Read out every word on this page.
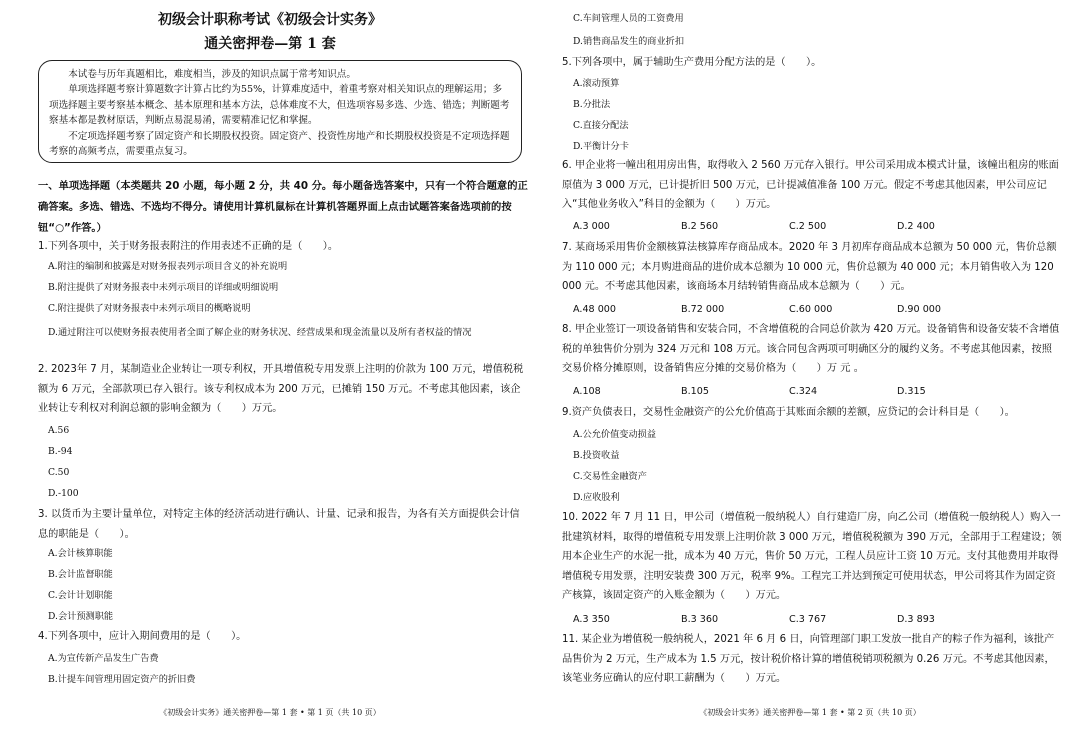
初级会计职称考试《初级会计实务》
通关密押卷—第 1 套

本试卷与历年真题相比，难度相当，涉及的知识点属于常考知识点。

单项选择题考察计算题数字计算占比约为55%，计算难度适中，着重考察对相关知识点的理解运用；多项选择题主要考察基本概念、基本原理和基本方法，总体难度不大，但选项容易多选、少选、错选；判断题考察基本都是教材原话，判断点易混易淆，需要精准记忆和掌握。

不定项选择题考察了固定资产和长期股权投资。固定资产、投资性房地产和长期股权投资是不定项选择题考察的高频考点，需要重点复习。

一、单项选择题（本类题共 20 小题，每小题 2 分，共 40 分。每小题备选答案中，只有一个符合题意的正确答案。多选、错选、不选均不得分。请使用计算机鼠标在计算机答题界面上点击试题答案备选项前的按钮“○”作答。）
1.下列各项中，关于财务报表附注的作用表述不正确的是（　　）。
A.附注的编制和披露是对财务报表列示项目含义的补充说明
B.附注提供了对财务报表中未列示项目的详细或明细说明
C.附注提供了对财务报表中未列示项目的概略说明
D.通过附注可以使财务报表使用者全面了解企业的财务状况、经营成果和现金流量以及所有者权益的情况
2. 2023年 7 月，某制造业企业转让一项专利权，开具增值税专用发票上注明的价款为 100 万元，增值税税额为 6 万元，全部款项已存入银行。该专利权成本为 200 万元，已摊销 150 万元。不考虑其他因素，该企业转让专利权对利润总额的影响金额为（　　）万元。
A.56
B.-94
C.50
D.-100
3. 以货币为主要计量单位，对特定主体的经济活动进行确认、计量、记录和报告，为各有关方面提供会计信息的职能是（　　）。
A.会计核算职能
B.会计监督职能
C.会计计划职能
D.会计预测职能
4.下列各项中，应计入期间费用的是（　　）。
A.为宣传新产品发生广告费
B.计提车间管理用固定资产的折旧费
《初级会计实务》通关密押卷—第 1 套 • 第 1 页（共 10 页）
C.车间管理人员的工资费用
D.销售商品发生的商业折扣
5.下列各项中，属于辅助生产费用分配方法的是（　　）。
A.滚动预算
B.分批法
C.直接分配法
D.平衡计分卡
6. 甲企业将一幢出租用房出售，取得收入 2 560 万元存入银行。甲公司采用成本模式计量，该幢出租房的账面原值为 3 000 万元，已计提折旧 500 万元，已计提减值准备 100 万元。假定不考虑其他因素，甲公司应记入“其他业务收入”科目的金额为（　　）万元。
A.3 000	B.2 560	C.2 500	D.2 400
7. 某商场采用售价金额核算法核算库存商品成本。2020 年 3 月初库存商品成本总额为 50 000 元，售价总额为 110 000 元；本月购进商品的进价成本总额为 10 000 元，售价总额为 40 000 元；本月销售收入为 120 000 元。不考虑其他因素，该商场本月结转销售商品成本总额为（　　）元。
A.48 000	B.72 000	C.60 000	D.90 000
8. 甲企业签订一项设备销售和安装合同，不含增值税的合同总价款为 420 万元。设备销售和设备安装不含增值税的单独售价分别为 324 万元和 108 万元。该合同包含两项可明确区分的履约义务。不考虑其他因素，按照交易价格分摊原则，设备销售应分摊的交易价格为（　　）万 元 。
A.108	B.105	C.324	D.315
9.资产负债表日，交易性金融资产的公允价值高于其账面余额的差额，应贷记的会计科目是（　　）。
A.公允价值变动损益
B.投资收益
C.交易性金融资产
D.应收股利
10. 2022 年 7 月 11 日，甲公司（增值税一般纳税人）自行建造厂房，向乙公司（增值税一般纳税人）购入一批建筑材料，取得的增值税专用发票上注明价款 3 000 万元，增值税税额为 390 万元，全部用于工程建设；领用本企业生产的水泥一批，成本为 40 万元，售价 50 万元，工程人员应计工资 10 万元。支付其他费用并取得增值税专用发票，注明安装费 300 万元，税率 9%。工程完工并达到预定可使用状态，甲公司将其作为固定资产核算，该固定资产的入账金额为（　　）万元。
A.3 350	B.3 360	C.3 767	D.3 893
11. 某企业为增值税一般纳税人，2021 年 6 月 6 日，向管理部门职工发放一批自产的粽子作为福利，该批产品售价为 2 万元，生产成本为 1.5 万元，按计税价格计算的增值税销项税额为 0.26 万元。不考虑其他因素，该笔业务应确认的应付职工薪酬为（　　）万元。
《初级会计实务》通关密押卷—第 1 套 • 第 2 页（共 10 页）
